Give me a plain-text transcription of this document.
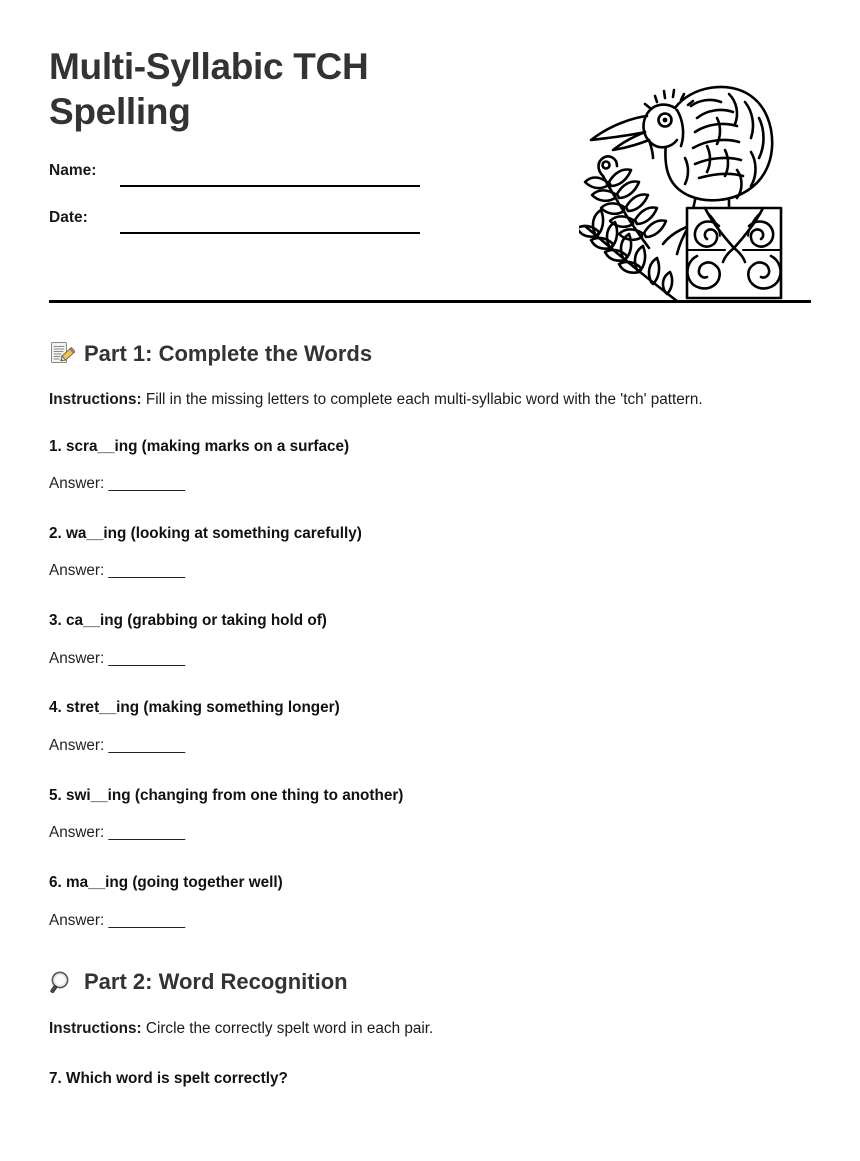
Multi-Syllabic TCH Spelling
Name:
Date:
Part 1: Complete the Words

Instructions: Fill in the missing letters to complete each multi-syllabic word with the 'tch' pattern.

1. scra__ing (making marks on a surface)

Answer: _________

2. wa__ing (looking at something carefully)

Answer: _________

3. ca__ing (grabbing or taking hold of)

Answer: _________

4. stret__ing (making something longer)

Answer: _________

5. swi__ing (changing from one thing to another)

Answer: _________

6. ma__ing (going together well)

Answer: _________

Part 2: Word Recognition

Instructions: Circle the correctly spelt word in each pair.

7. Which word is spelt correctly?
